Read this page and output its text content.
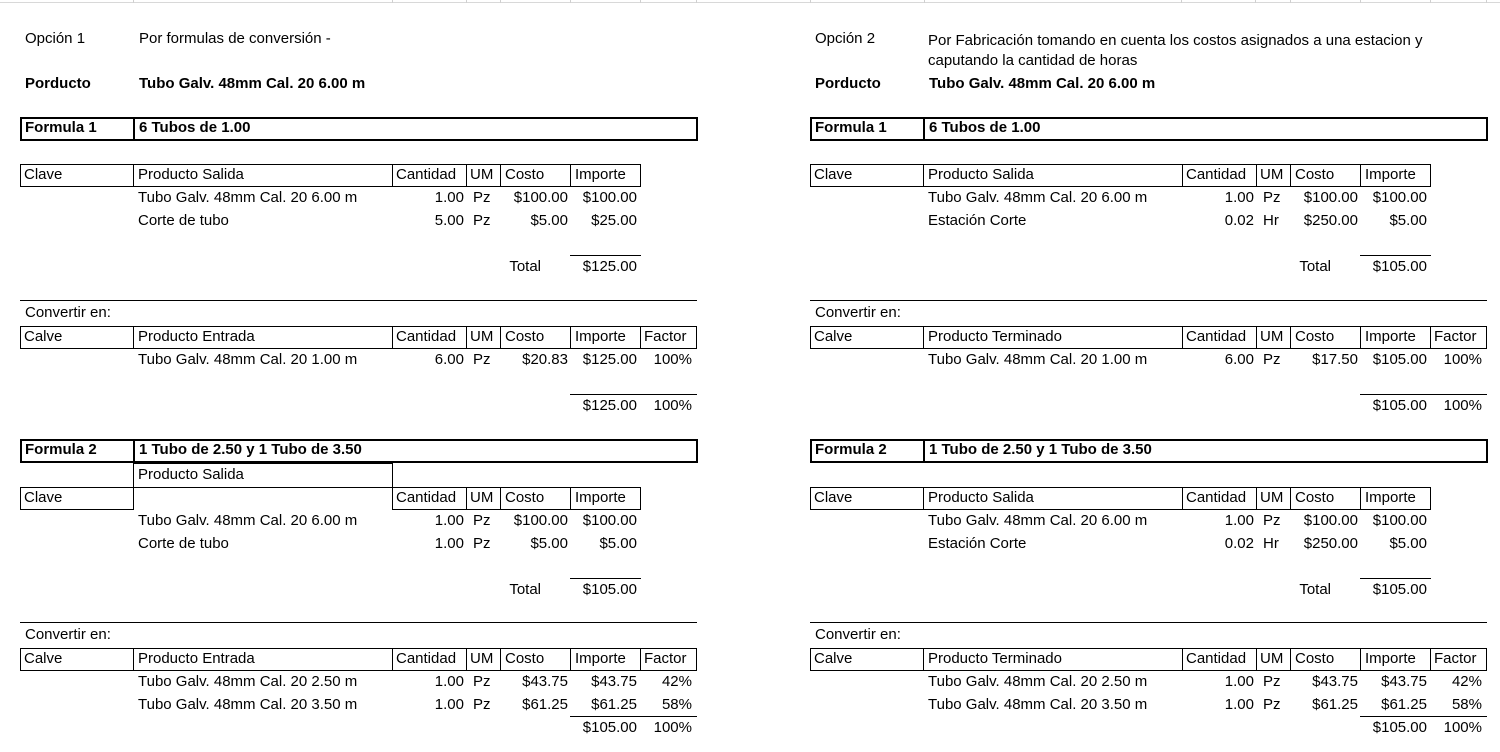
Opción 1	Por formulas de conversión -
Porducto	Tubo Galv. 48mm Cal. 20 6.00 m
Formula 1	6 Tubos de 1.00
Producto Salida
Clave	Cantidad UM Costo Importe
Tubo Galv. 48mm Cal. 20 6.00 m	1.00 Pz	$100.00 $100.00
Corte de tubo	5.00 Pz	$5.00	$25.00
Total	$125.00
Convertir en:
Calve	Producto Entrada	Cantidad UM Costo Importe Factor
Tubo Galv. 48mm Cal. 20 1.00 m	6.00 Pz	$20.83 $125.00	100%
$125.00	100%
Formula 2	1 Tubo de 2.50 y 1 Tubo de 3.50
Producto Salida
Clave	Cantidad UM Costo Importe
Tubo Galv. 48mm Cal. 20 6.00 m	1.00 Pz	$100.00 $100.00
Corte de tubo	1.00 Pz	$5.00	$5.00
Total	$105.00
Convertir en:
Calve	Producto Entrada	Cantidad UM Costo Importe Factor
Tubo Galv. 48mm Cal. 20 2.50 m	1.00 Pz	$43.75	$43.75	42%
Tubo Galv. 48mm Cal. 20 3.50 m	1.00 Pz	$61.25	$61.25	58%
$105.00	100%
Opción 2	Por Fabricación tomando en cuenta los costos asignados a una estacion y
caputando la cantidad de horas
Porducto	Tubo Galv. 48mm Cal. 20 6.00 m
Formula 1	6 Tubos de 1.00
Producto Salida
Clave	Cantidad UM Costo Importe
Tubo Galv. 48mm Cal. 20 6.00 m	1.00 Pz	$100.00 $100.00
Estación Corte	0.02 Hr	$250.00	$5.00
Total	$105.00
Convertir en:
Calve	Producto Terminado	Cantidad UM Costo Importe Factor
Tubo Galv. 48mm Cal. 20 1.00 m	6.00 Pz	$17.50 $105.00	100%
$105.00	100%
Formula 2	1 Tubo de 2.50 y 1 Tubo de 3.50
Producto Salida
Clave	Cantidad UM Costo Importe
Tubo Galv. 48mm Cal. 20 6.00 m	1.00 Pz	$100.00 $100.00
Estación Corte	0.02 Hr	$250.00	$5.00
Total	$105.00
Convertir en:
Calve	Producto Terminado	Cantidad UM Costo Importe Factor
Tubo Galv. 48mm Cal. 20 2.50 m	1.00 Pz	$43.75	$43.75	42%
Tubo Galv. 48mm Cal. 20 3.50 m	1.00 Pz	$61.25	$61.25	58%
$105.00	100%
